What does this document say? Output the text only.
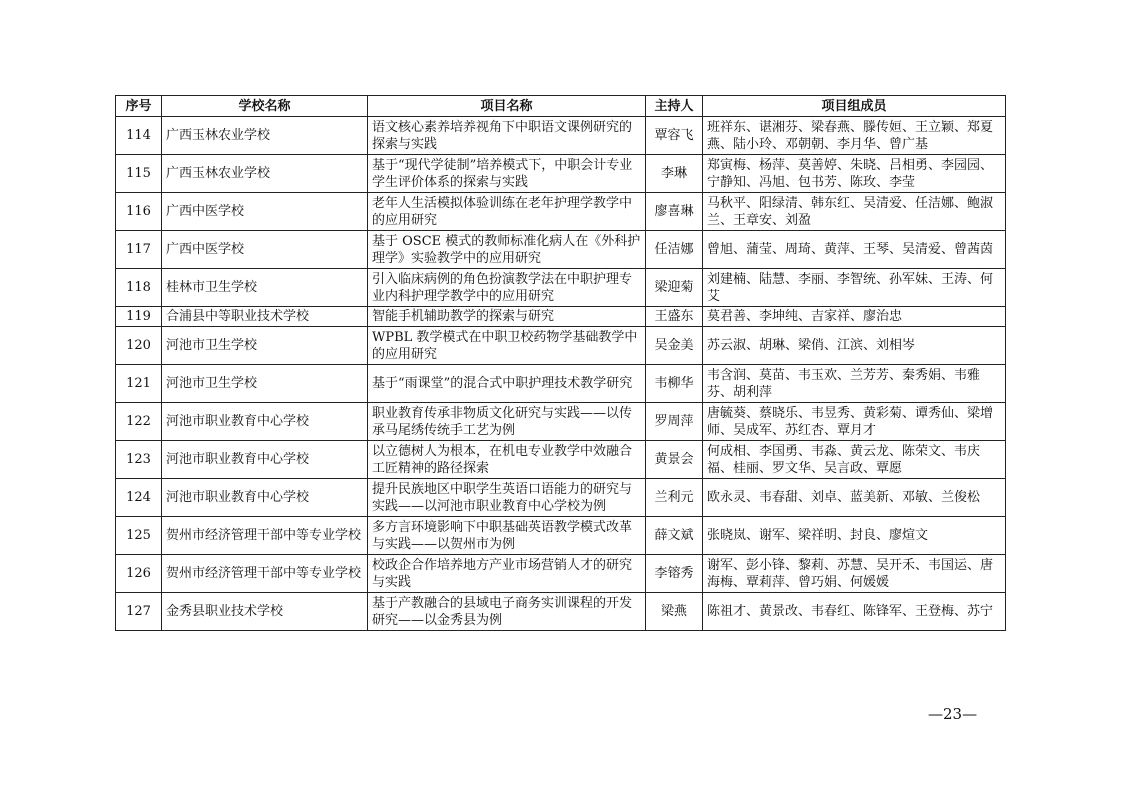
序号	学校名称	项目名称	主持人	项目组成员
114	广西玉林农业学校	语文核心素养培养视角下中职语文课例研究的探索与实践	覃容飞	班祥东、谌湘芬、梁春燕、滕传姮、王立颖、郑夏燕、陆小玲、邓朝朝、李月华、曾广基
115	广西玉林农业学校	基于“现代学徒制”培养模式下，中职会计专业学生评价体系的探索与实践	李琳	郑寅梅、杨萍、莫善婷、朱晓、吕相勇、李园园、宁静知、冯旭、包书芳、陈玫、李莹
116	广西中医学校	老年人生活模拟体验训练在老年护理学教学中的应用研究	廖喜琳	马秋平、阳绿清、韩东红、吴清爱、任洁娜、鲍淑兰、王章安、刘盈
117	广西中医学校	基于 OSCE 模式的教师标准化病人在《外科护理学》实验教学中的应用研究	任洁娜	曾旭、蒲莹、周琦、黄萍、王琴、吴清爱、曾茜茵
118	桂林市卫生学校	引入临床病例的角色扮演教学法在中职护理专业内科护理学教学中的应用研究	梁迎菊	刘建楠、陆慧、李丽、李智统、孙军妹、王涛、何艾
119	合浦县中等职业技术学校	智能手机辅助教学的探索与研究	王盛东	莫君善、李坤纯、吉家祥、廖治忠
120	河池市卫生学校	WPBL 教学模式在中职卫校药物学基础教学中的应用研究	吴金美	苏云淑、胡琳、梁俏、江滨、刘相岑
121	河池市卫生学校	基于“雨课堂”的混合式中职护理技术教学研究	韦柳华	韦含润、莫苗、韦玉欢、兰芳芳、秦秀娟、韦雅芬、胡利萍
122	河池市职业教育中心学校	职业教育传承非物质文化研究与实践——以传承马尾绣传统手工艺为例	罗周萍	唐毓葵、蔡晓乐、韦昱秀、黄彩菊、谭秀仙、梁增师、吴成军、苏红杏、覃月才
123	河池市职业教育中心学校	以立德树人为根本，在机电专业教学中效融合工匠精神的路径探索	黄景会	何成相、李国勇、韦淼、黄云龙、陈荣文、韦庆福、桂丽、罗文华、吴言政、覃愿
124	河池市职业教育中心学校	提升民族地区中职学生英语口语能力的研究与实践——以河池市职业教育中心学校为例	兰利元	欧永灵、韦春甜、刘卓、蓝美新、邓敏、兰俊松
125	贺州市经济管理干部中等专业学校	多方言环境影响下中职基础英语教学模式改革与实践——以贺州市为例	薛文斌	张晓岚、谢军、梁祥明、封良、廖煊文
126	贺州市经济管理干部中等专业学校	校政企合作培养地方产业市场营销人才的研究与实践	李镕秀	谢军、彭小锋、黎莉、苏慧、吴开禾、韦国运、唐海梅、覃莉萍、曾巧娟、何媛媛
127	金秀县职业技术学校	基于产教融合的县域电子商务实训课程的开发研究——以金秀县为例	梁燕	陈祖才、黄景改、韦春红、陈锋军、王登梅、苏宁
—23—
